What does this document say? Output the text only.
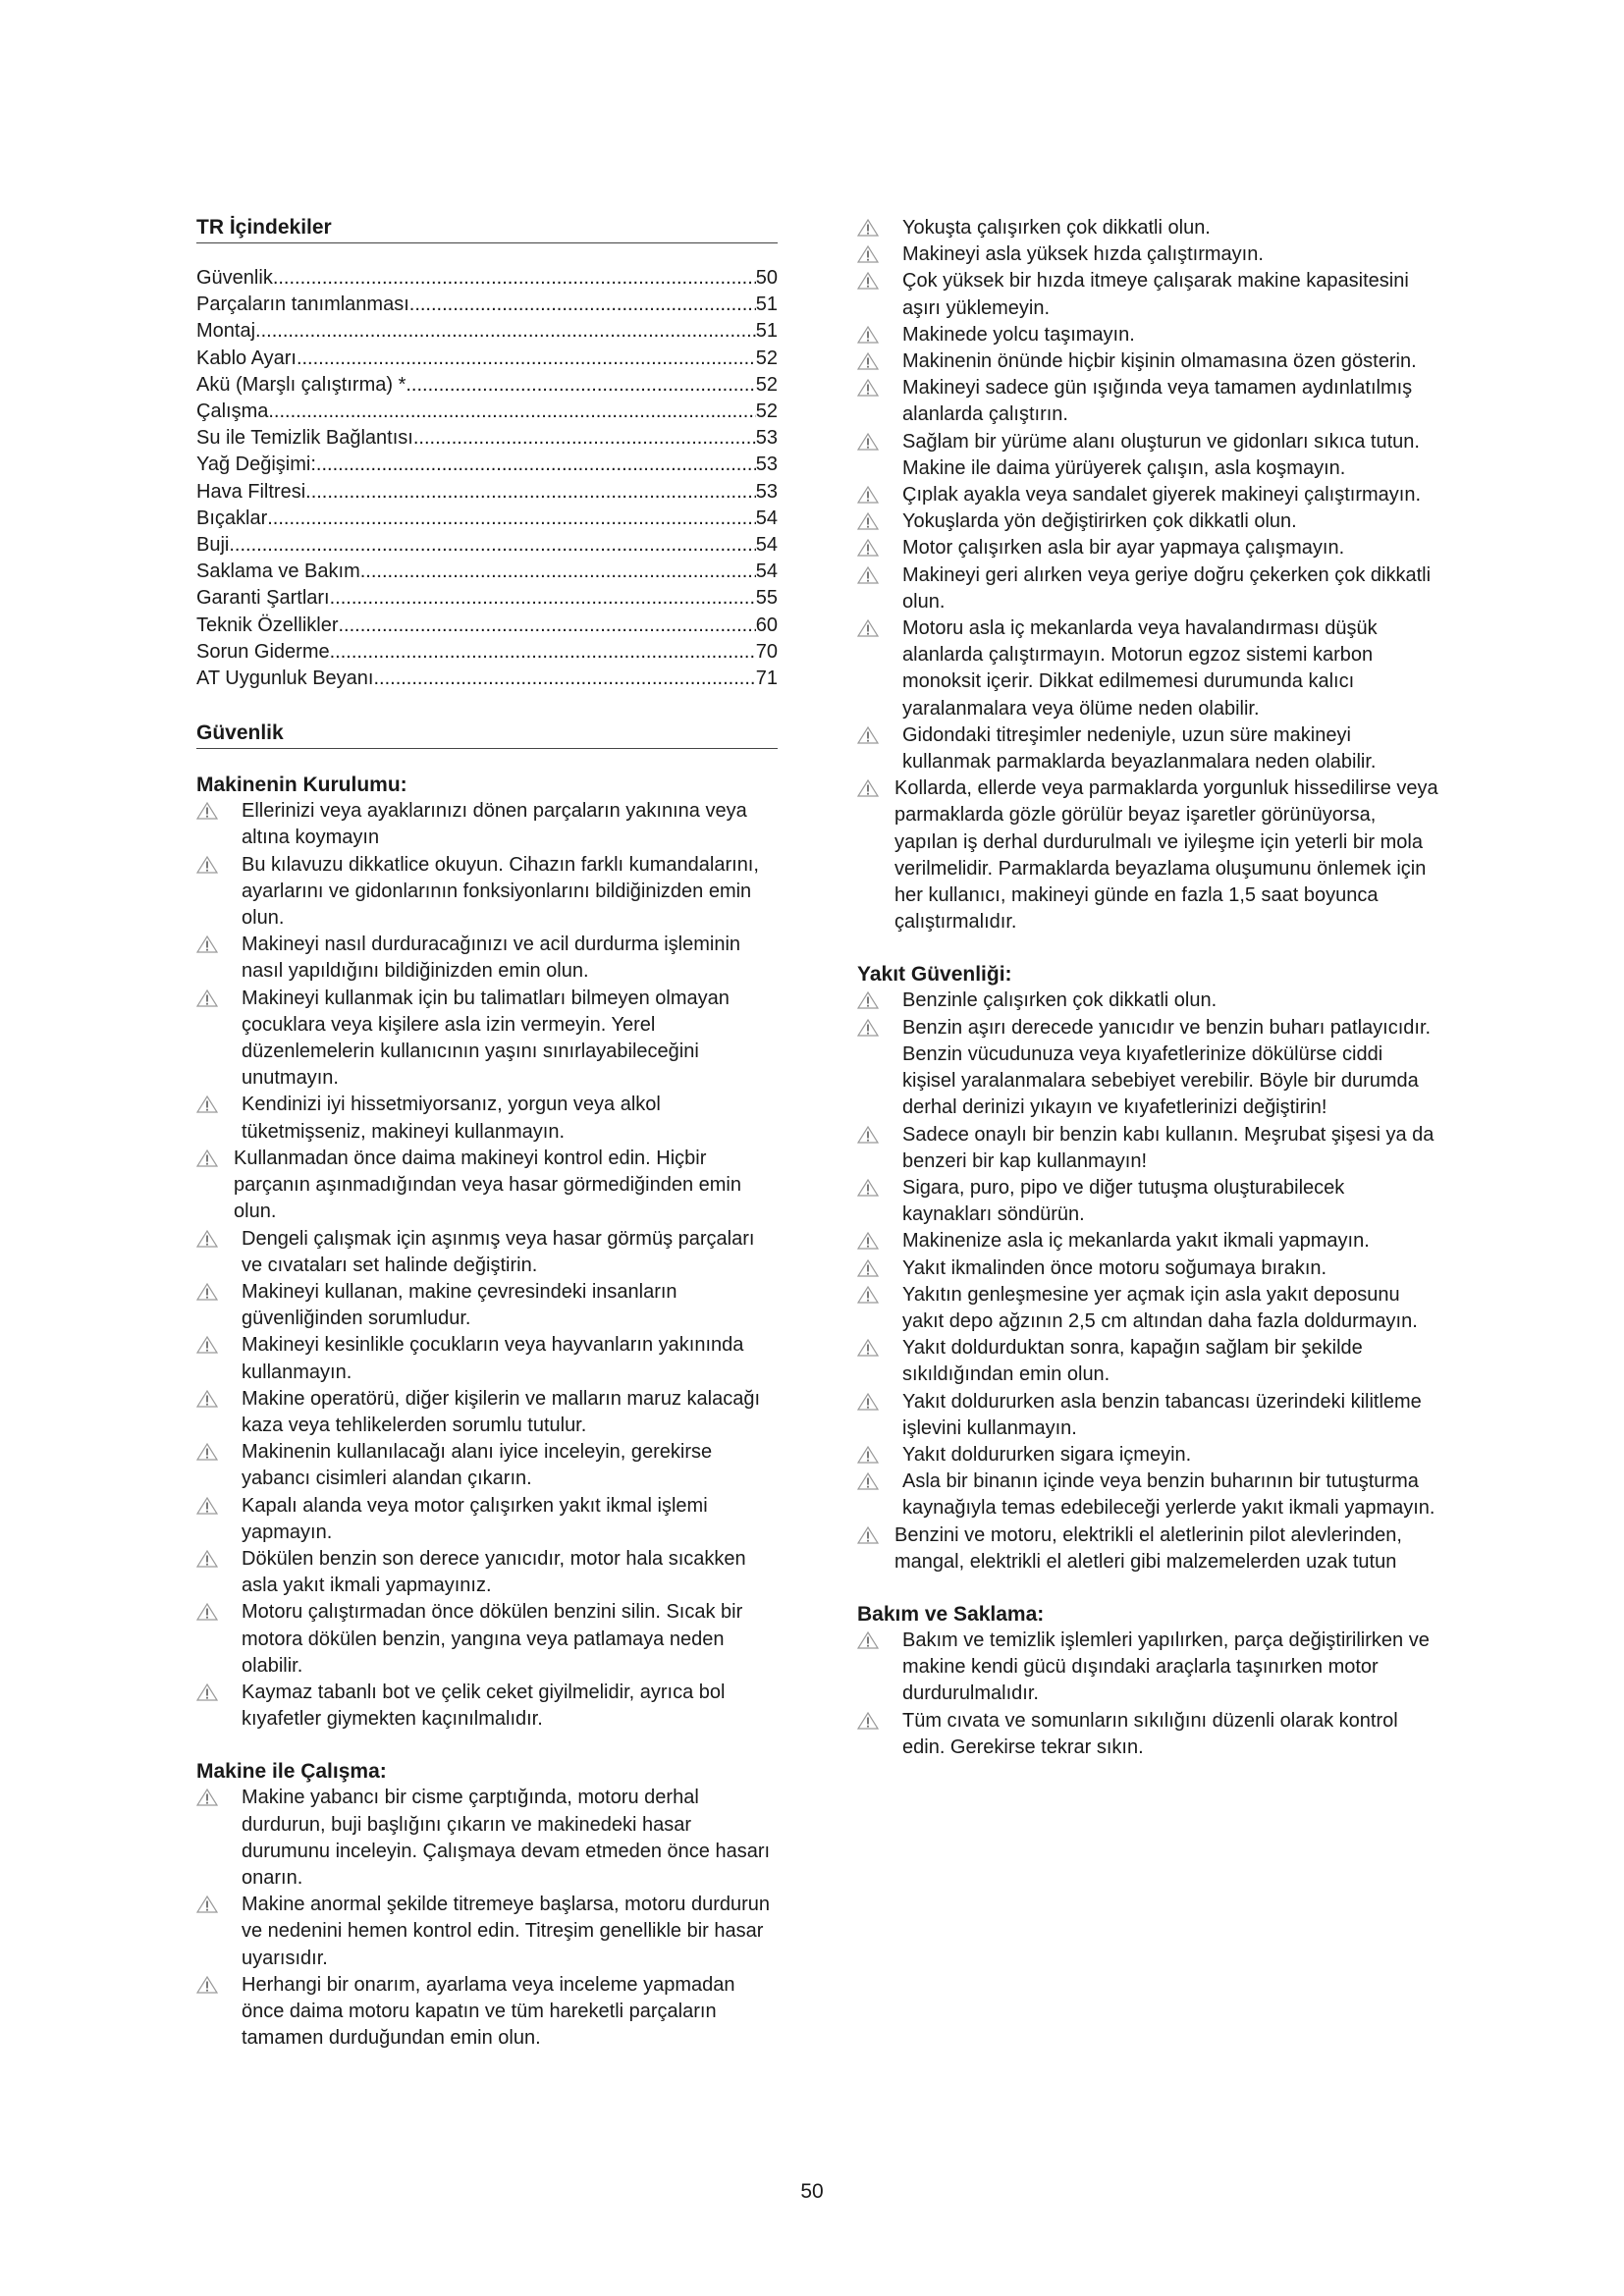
TR İçindekiler
Güvenlik .....	50
Parçaların tanımlanması .....	51
Montaj .....	51
Kablo Ayarı .....	52
Akü (Marşlı çalıştırma) * .....	52
Çalışma .....	52
Su ile Temizlik Bağlantısı .....	53
Yağ Değişimi: .....	53
Hava Filtresi .....	53
Bıçaklar .....	54
Buji .....	54
Saklama ve Bakım .....	54
Garanti Şartları .....	55
Teknik Özellikler .....	60
Sorun Giderme .....	70
AT Uygunluk Beyanı .....	71
Güvenlik
Makinenin Kurulumu:
Ellerinizi veya ayaklarınızı dönen parçaların yakınına veya altına koymayın
Bu kılavuzu dikkatlice okuyun. Cihazın farklı kumandalarını, ayarlarını ve gidonlarının fonksiyonlarını bildiğinizden emin olun.
Makineyi nasıl durduracağınızı ve acil durdurma işleminin nasıl yapıldığını bildiğinizden emin olun.
Makineyi kullanmak için bu talimatları bilmeyen olmayan çocuklara veya kişilere asla izin vermeyin. Yerel düzenlemelerin kullanıcının yaşını sınırlayabileceğini unutmayın.
Kendinizi iyi hissetmiyorsanız, yorgun veya alkol tüketmişseniz, makineyi kullanmayın.
Kullanmadan önce daima makineyi kontrol edin. Hiçbir parçanın aşınmadığından veya hasar görmediğinden emin olun.
Dengeli çalışmak için aşınmış veya hasar görmüş parçaları ve cıvataları set halinde değiştirin.
Makineyi kullanan, makine çevresindeki insanların güvenliğinden sorumludur.
Makineyi kesinlikle çocukların veya hayvanların yakınında kullanmayın.
Makine operatörü, diğer kişilerin ve malların maruz kalacağı kaza veya tehlikelerden sorumlu tutulur.
Makinenin kullanılacağı alanı iyice inceleyin, gerekirse yabancı cisimleri alandan çıkarın.
Kapalı alanda veya motor çalışırken yakıt ikmal işlemi yapmayın.
Dökülen benzin son derece yanıcıdır, motor hala sıcakken asla yakıt ikmali yapmayınız.
Motoru çalıştırmadan önce dökülen benzini silin. Sıcak bir motora dökülen benzin, yangına veya patlamaya neden olabilir.
Kaymaz tabanlı bot ve çelik ceket giyilmelidir, ayrıca bol kıyafetler giymekten kaçınılmalıdır.
Makine ile Çalışma:
Makine yabancı bir cisme çarptığında, motoru derhal durdurun, buji başlığını çıkarın ve makinedeki hasar durumunu inceleyin. Çalışmaya devam etmeden önce hasarı onarın.
Makine anormal şekilde titremeye başlarsa, motoru durdurun ve nedenini hemen kontrol edin. Titreşim genellikle bir hasar uyarısıdır.
Herhangi bir onarım, ayarlama veya inceleme yapmadan önce daima motoru kapatın ve tüm hareketli parçaların tamamen durduğundan emin olun.
Yokuşta çalışırken çok dikkatli olun.
Makineyi asla yüksek hızda çalıştırmayın.
Çok yüksek bir hızda itmeye çalışarak makine kapasitesini aşırı yüklemeyin.
Makinede yolcu taşımayın.
Makinenin önünde hiçbir kişinin olmamasına özen gösterin.
Makineyi sadece gün ışığında veya tamamen aydınlatılmış alanlarda çalıştırın.
Sağlam bir yürüme alanı oluşturun ve gidonları sıkıca tutun. Makine ile daima yürüyerek çalışın, asla koşmayın.
Çıplak ayakla veya sandalet giyerek makineyi çalıştırmayın.
Yokuşlarda yön değiştirirken çok dikkatli olun.
Motor çalışırken asla bir ayar yapmaya çalışmayın.
Makineyi geri alırken veya geriye doğru çekerken çok dikkatli olun.
Motoru asla iç mekanlarda veya havalandırması düşük alanlarda çalıştırmayın. Motorun egzoz sistemi karbon monoksit içerir. Dikkat edilmemesi durumunda kalıcı yaralanmalara veya ölüme neden olabilir.
Gidondaki titreşimler nedeniyle, uzun süre makineyi kullanmak parmaklarda beyazlanmalara neden olabilir.
Kollarda, ellerde veya parmaklarda yorgunluk hissedilirse veya parmaklarda gözle görülür beyaz işaretler görünüyorsa, yapılan iş derhal durdurulmalı ve iyileşme için yeterli bir mola verilmelidir. Parmaklarda beyazlama oluşumunu önlemek için her kullanıcı, makineyi günde en fazla 1,5 saat boyunca çalıştırmalıdır.
Yakıt Güvenliği:
Benzinle çalışırken çok dikkatli olun.
Benzin aşırı derecede yanıcıdır ve benzin buharı patlayıcıdır. Benzin vücudunuza veya kıyafetlerinize dökülürse ciddi kişisel yaralanmalara sebebiyet verebilir. Böyle bir durumda derhal derinizi yıkayın ve kıyafetlerinizi değiştirin!
Sadece onaylı bir benzin kabı kullanın. Meşrubat şişesi ya da benzeri bir kap kullanmayın!
Sigara, puro, pipo ve diğer tutuşma oluşturabilecek kaynakları söndürün.
Makinenize asla iç mekanlarda yakıt ikmali yapmayın.
Yakıt ikmalinden önce motoru soğumaya bırakın.
Yakıtın genleşmesine yer açmak için asla yakıt deposunu yakıt depo ağzının 2,5 cm altından daha fazla doldurmayın.
Yakıt doldurduktan sonra, kapağın sağlam bir şekilde sıkıldığından emin olun.
Yakıt doldururken asla benzin tabancası üzerindeki kilitleme işlevini kullanmayın.
Yakıt doldururken sigara içmeyin.
Asla bir binanın içinde veya benzin buharının bir tutuşturma kaynağıyla temas edebileceği yerlerde yakıt ikmali yapmayın.
Benzini ve motoru, elektrikli el aletlerinin pilot alevlerinden, mangal, elektrikli el aletleri gibi malzemelerden uzak tutun
Bakım ve Saklama:
Bakım ve temizlik işlemleri yapılırken, parça değiştirilirken ve makine kendi gücü dışındaki araçlarla taşınırken motor durdurulmalıdır.
Tüm cıvata ve somunların sıkılığını düzenli olarak kontrol edin. Gerekirse tekrar sıkın.
50
